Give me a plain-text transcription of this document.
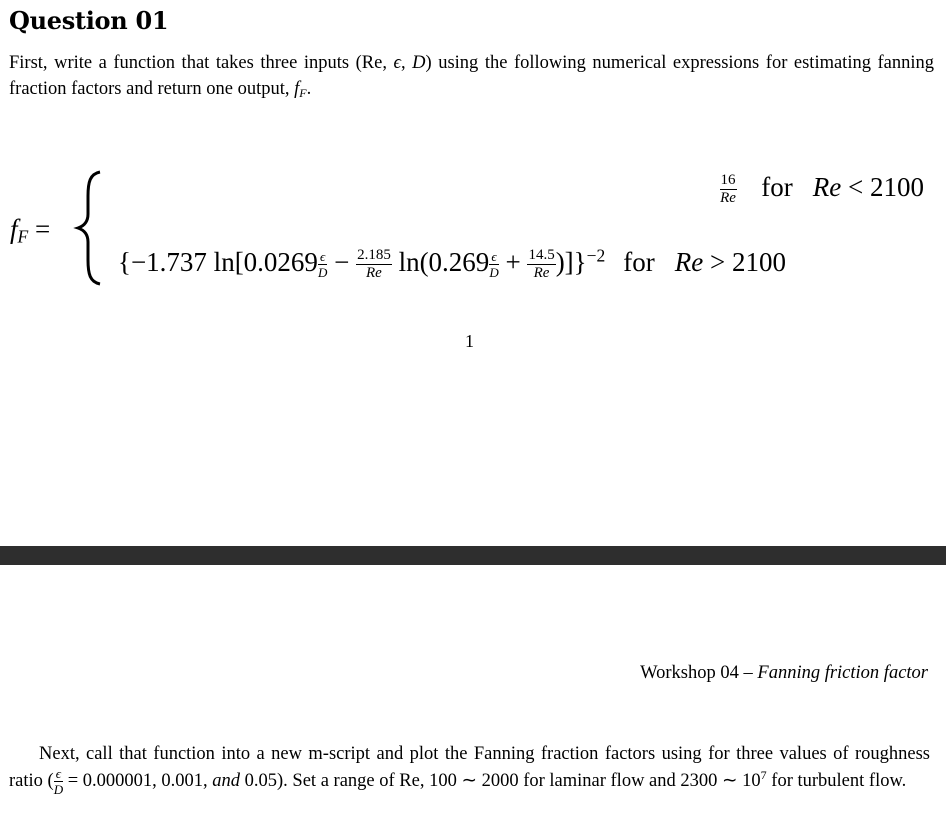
Question 01
First, write a function that takes three inputs (Re, ϵ, D) using the following numerical expressions for estimating fanning fraction factors and return one output, $f_F$.
$f_F$ =
$\frac{16}{Re}$ for Re < 2100
{−1.737 $\ln[0.0269 \frac{\epsilon}{D} - \frac{2.185}{Re} \ln(0.269 \frac{\epsilon}{D} + \frac{14.5}{Re} )]\}^{-2}$ for Re > 2100
1
Workshop 04 – Fanning friction factor
Next, call that function into a new m-script and plot the Fanning fraction factors using for three values of roughness ratio ( $\frac{\epsilon}{D} = 0.000001$, 0.001, and 0.05). Set a range of Re, 100 ∼ 2000 for laminar flow and 2300 ∼ $10^7$ for turbulent flow.
